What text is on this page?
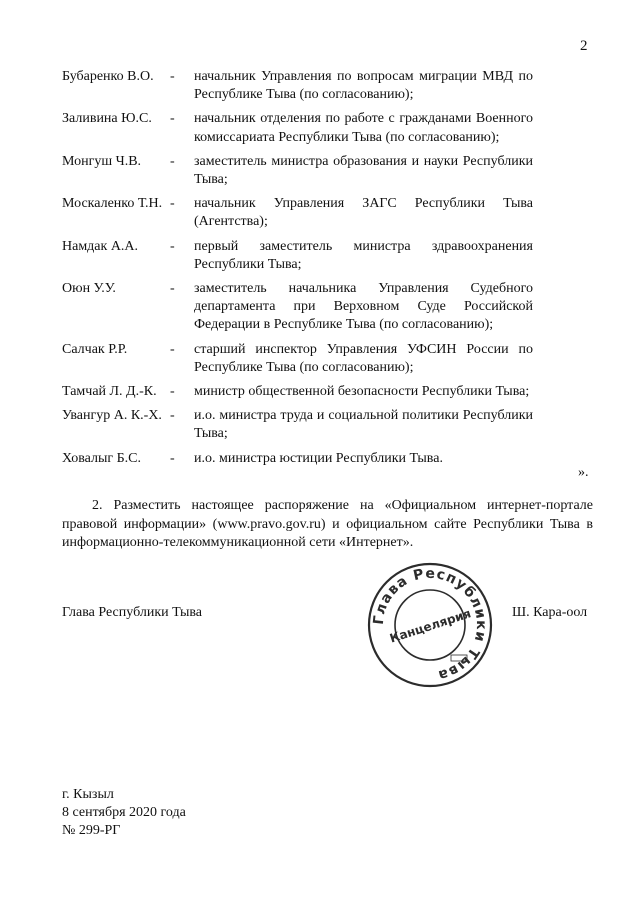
2
Бубаренко В.О.	-	начальник Управления по вопросам миграции МВД по Республике Тыва (по согласованию);
Заливина Ю.С.	-	начальник отделения по работе с гражданами Военного комиссариата Республики Тыва (по согласованию);
Монгуш Ч.В.	-	заместитель министра образования и науки Республики Тыва;
Москаленко Т.Н. -	начальник Управления ЗАГС Республики Тыва (Агентства);
Намдак А.А.	-	первый заместитель министра здравоохранения Республики Тыва;
Оюн У.У.	-	заместитель начальника Управления Судебного департамента при Верховном Суде Российской Федерации в Республике Тыва (по согласованию);
Салчак Р.Р.	-	старший инспектор Управления УФСИН России по Республике Тыва (по согласованию);
Тамчай Л. Д.-К. -	министр общественной безопасности Республики Тыва;
Увангур А. К.-Х. -	и.о. министра труда и социальной политики Республики Тыва;
Ховалыг Б.С.	-	и.о. министра юстиции Республики Тыва.
».
2. Разместить настоящее распоряжение на «Официальном интернет-портале правовой информации» (www.pravo.gov.ru) и официальном сайте Республики Тыва в информационно-телекоммуникационной сети «Интернет».
Глава Республики Тыва
Канцелярия
Глава Республики Тыва	Ш. Кара-оол
г. Кызыл
8 сентября 2020 года
№ 299-РГ
